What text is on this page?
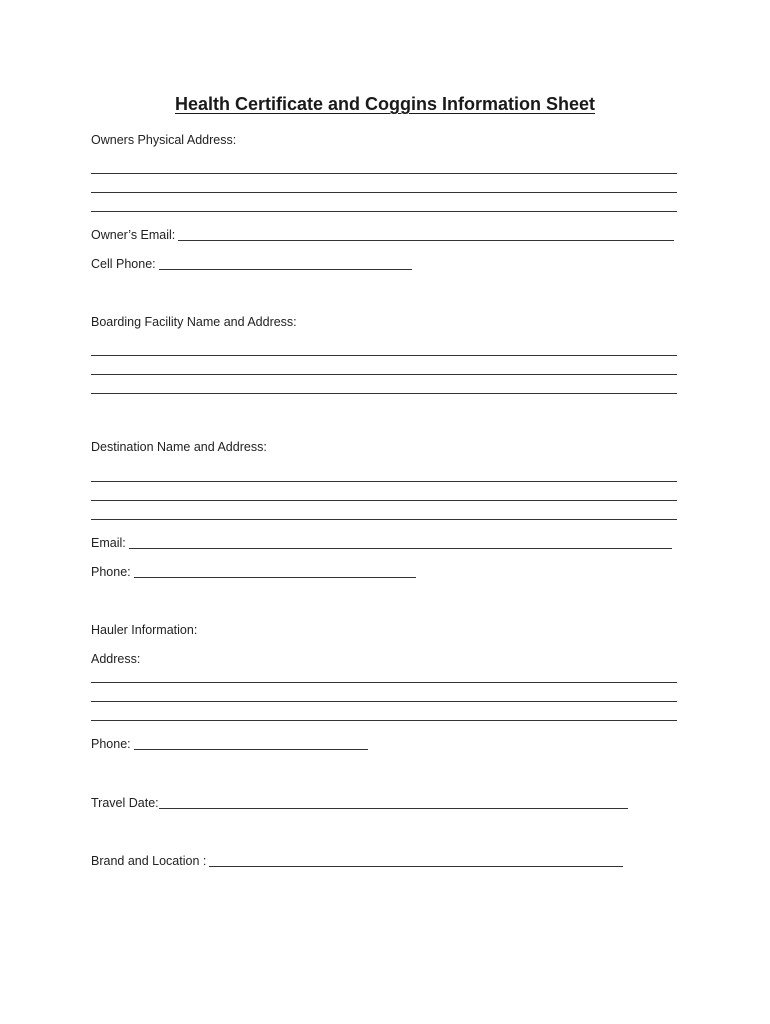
Health Certificate and Coggins Information Sheet
Owners Physical Address:
Owner’s Email:
Cell Phone:
Boarding Facility Name and Address:
Destination Name and Address:
Email:
Phone:
Hauler Information:
Address:
Phone:
Travel Date:
Brand and Location :
